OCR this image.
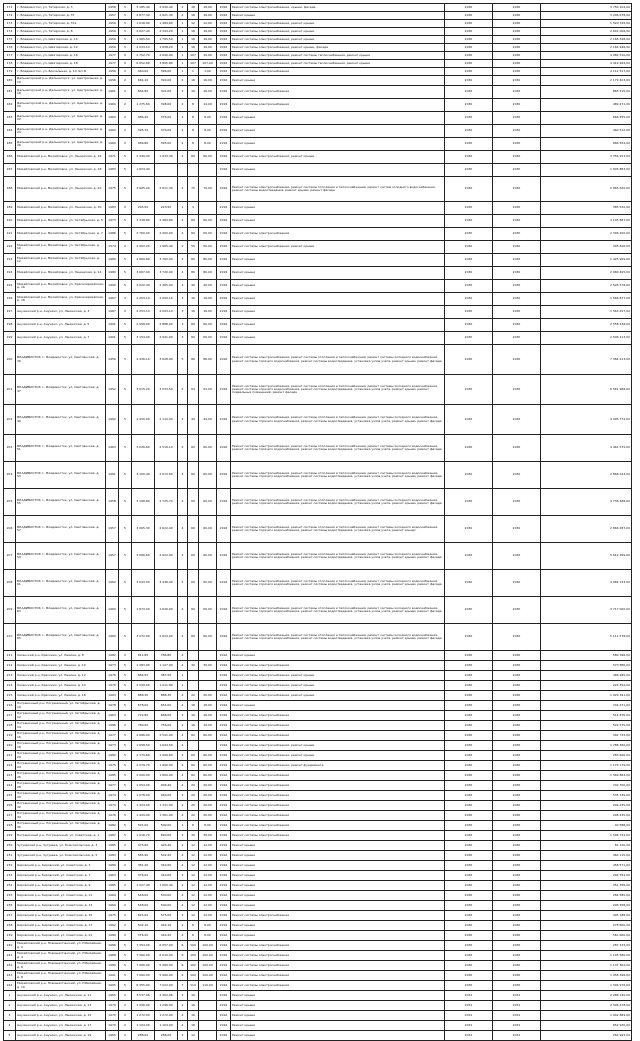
171	г. Владивосток, ул. Татарская, д. 3	1958	5	3 185,40	2 930,40	2	18	18,00	2016	Ремонт системы электроснабжения, крыши, фасада	2030	2030	3 750 102,00
172	г. Владивосток, ул. Татарская, д. 37	1957	5	2 877,30	2 621,30	2	16	16,00	2016	Ремонт крыши	2030	2030	3 206 478,00
173	г. Владивосток, ул. Татарская, д. 37а	1959	5	1 618,90	1 484,60	1	12	12,00	2016	Ремонт системы электроснабжения, ремонт крыши	2030	2030	1 520 745,00
174	г. Владивосток, ул. Татарская, д. 8	1959	5	2 627,40	2 343,20	1	16	16,00	2016	Ремонт системы электроснабжения, ремонт крыши	2030	2030	2 601 006,00
175	г. Владивосток, ул. Шахтерская, д. 14	1959	5	1 965,50	1 765,50	1	16	16,00	2016	Ремонт системы электроснабжения, ремонт крыши	2030	2030	2 168 348,00
176	г. Владивосток, ул. Шахтерская, д. 12	1959	5	2 033,10	1 838,20	1	16	16,00	2016	Ремонт системы электроснабжения, ремонт крыши, фасада	2030	2030	2 164 946,00
177	г. Владивосток, ул. Шахтерская, д. 16	1977	9	2 752,70	2 640,90	1	107	10,00	2016	Ремонт системы электроснабжения, ремонт системы теплоснабжения, ремонт крыши	2030	2030	4 082 510,00
178	г. Владивосток, ул. Шахтерская, д. 18	1977	9	6 052,80	3 895,80	1	107	107,00	2016	Ремонт системы электроснабжения, ремонт системы теплоснабжения, ремонт крыши	2030	2030	4 419 262,00
179	г. Владивосток, ул. Вокзальная, д. 14 лит.Б	1956	2	460,00	396,00	1	1	1,00	2016	Ремонт системы электроснабжения	2030	2030	4 112 517,00
180	Дальнегорский р-н, Дальнегорск, ул. Центральная, д. 10	1956	2	664,10	390,00	2	16	16,00	2016	Ремонт крыши	2030	2030	2 179 403,00
181	Дальнегорский р-н, Дальнегорск, ул. Центральная, д. 18	1961	2	664,80	391,00	2	16	16,00	2016	Ремонт системы электроснабжения	2030	2030	865 515,00
182	Дальнегорский р-н, Дальнегорск, ул. Центральная, д. 20	1960	2	1 275,80	398,00	2	8	14,00	2016	Ремонт системы электроснабжения	2030	2030	489 471,00
183	Дальнегорский р-н, Дальнегорск, ул. Центральная, д. 22	1960	2	486,20	376,00	2	8	8,00	2016	Ремонт крыши	2030	2030	666 555,00
184	Дальнегорский р-н, Дальнегорск, ул. Центральная, д. 24	1960	2	395,70	376,00	2	8	8,00	2016	Ремонт крыши	2030	2030	460 512,00
185	Дальнегорский р-н, Дальнегорск, ул. Центральная, д. 26	1960	2	489,80	395,00	2	8	8,00	2016	Ремонт крыши	2030	2030	666 554,00
186	Михайловский р-н, Михайловка, ул. Ленинская, д. 16	1971	5	2 449,30	1 933,30	4	60	60,00	2016	Ремонт системы электроснабжения, ремонт крыши	2030	2030	3 356 253,00
187	Михайловский р-н, Михайловка, ул. Ленинская, д. 18	1983	5	1 824,40					2016	Ремонт крыши	2030	2030	1 605 883,00
188	Михайловский р-н, Михайловка, ул. Ленинская, д. 20	1975	5	3 665,20	2 811,30	4	70	70,00	2016	Ремонт системы электроснабжения, ремонт системы отопления и теплоснабжения, ремонт систем холодного водоснабжения, ремонт системы водоотведения, ремонт крыши, ремонт фасада	2030	2030	9 865 500,00
189	Михайловский р-н, Михайловка, ул. Ленинская, д. 30	1983	2	295,50	223,50	1	4		2016	Ремонт крыши	2030	2030	385 532,00
190	Михайловский р-н, Михайловка, ул. Октябрьская, д. 5	1973	5	3 318,80	2 484,80	4	60	60,00	2016	Ремонт крыши	2030	2030	4 105 887,00
191	Михайловский р-н, Михайловка, ул. Октябрьская, д. 7	1986	5	2 760,00	2 400,00	4	60	60,00	2016	Ремонт системы электроснабжения	2030	2030	2 396 200,00
192	Михайловский р-н, Михайловка, ул. Октябрьская, д. 10	1974	2	2 602,20	1 965,40	2	50	50,00	2016	Ремонт системы электроснабжения, ремонт крыши	2030	2030	305 816,00
193	Михайловский р-н, Михайловка, ул. Октябрьская, д. 12	1980	5	4 869,80	3 760,00	4	80	80,00	2016	Ремонт крыши	2030	2030	1 425 909,00
194	Михайловский р-н, Михайловка, ул. Ленинская, д. 14	1980	5	3 667,00	3 720,00	4	80	80,00	2016	Ремонт крыши	2030	2030	2 980 405,00
195	Михайловский р-н, Михайловка, ул. Красноармейская, д. 16	1990	5	3 022,40	2 465,00	3	40	40,00	2016	Ремонт крыши	2030	2030	2 526 578,00
196	Михайловский р-н, Михайловка, ул. Красноармейская, д. 18	1967	3	2 253,10	2 093,10	3	16	16,00	2016	Ремонт крыши	2030	2030	1 566 877,00
197	Анучинский р-н, Анучино, ул. Ленинская, д. 3	1967	2	2 253,10	2 093,10	3	16	16,00	2016	Ремонт крыши	2030	2030	1 563 457,00
198	Анучинский р-н, Анучино, ул. Ленинская, д. 5	1991	5	2 958,00	2 888,00	3	60	60,00	2016	Ремонт крыши	2030	2030	2 558 438,00
199	Анучинский р-н, Анучино, ул. Ленинская, д. 7	1991	5	3 154,00	2 941,00	3	60	60,00	2016	Ремонт крыши	2030	2030	2 506 413,00
200	ВЛАДИВОСТОК г., Владивосток, ул. Светланская, д. 30	1956	5	4 436,10	3 628,90	5	86	86,00	2016	Ремонт системы электроснабжения, ремонт системы отопления и теплоснабжения, ремонт системы холодного водоснабжения, ремонт системы горячего водоснабжения, ремонт системы водоотведения, установка узлов учета, ремонт крыши, ремонт фасада	2030	2030	7 384 413,00
201	ВЛАДИВОСТОК г., Владивосток, ул. Светланская, д. 47	1952	5	3 615,20	3 033,50	5	63	63,00	2016	Ремонт системы электроснабжения, ремонт системы отопления и теплоснабжения, ремонт системы холодного водоснабжения, ремонт системы горячего водоснабжения, ремонт системы водоотведения, установка узлов учета, ремонт крыши, ремонт подвальных помещений, ремонт фасада	2030	2030	6 561 988,00
202	ВЛАДИВОСТОК г., Владивосток, ул. Светланская, д. 49	1962	5	2 450,00	2 110,00	4	49	49,00	2016	Ремонт системы электроснабжения, ремонт системы отопления и теплоснабжения, ремонт системы холодного водоснабжения, ремонт системы горячего водоснабжения, ремонт системы водоотведения, установка узлов учета, ремонт крыши, ремонт фасада	2030	2030	4 995 772,00
203	ВЛАДИВОСТОК г., Владивосток, ул. Светланская, д. 51	1963	5	3 026,60	2 516,10	4	60	60,00	2016	Ремонт системы электроснабжения, ремонт системы отопления и теплоснабжения, ремонт системы холодного водоснабжения, ремонт системы горячего водоснабжения, ремонт системы водоотведения, установка узлов учета, ремонт крыши, ремонт фасада	2030	2030	4 461 375,00
204	ВЛАДИВОСТОК г., Владивосток, ул. Светланская, д. 53	1961	5	3 100,40	2 613,60	4	60	60,00	2016	Ремонт системы электроснабжения, ремонт системы отопления и теплоснабжения, ремонт системы холодного водоснабжения, ремонт системы горячего водоснабжения, ремонт системы водоотведения, установка узлов учета, ремонт крыши, ремонт фасада	2030	2030	2 868 243,00
205	ВЛАДИВОСТОК г., Владивосток, ул. Светланская, д. 55	1958	5	3 168,80	2 725,70	4	60	60,00	2016	Ремонт системы электроснабжения, ремонт системы отопления и теплоснабжения, ремонт системы холодного водоснабжения, ремонт системы горячего водоснабжения, ремонт системы водоотведения, установка узлов учета, ремонт крыши, ремонт фасада	2030	2030	4 736 488,00
206	ВЛАДИВОСТОК г., Владивосток, ул. Светланская, д. 57	1957	5	3 065,30	2 622,90	4	60	60,00	2016	Ремонт системы электроснабжения, ремонт системы отопления и теплоснабжения, ремонт системы холодного водоснабжения, ремонт системы горячего водоснабжения, ремонт системы водоотведения, установка узлов учета, ремонт крыши	2030	2030	2 866 287,00
207	ВЛАДИВОСТОК г., Владивосток, ул. Светланская, д. 59	1957	5	3 066,60	2 622,90	4	60	60,00	2016	Ремонт системы электроснабжения, ремонт системы отопления и теплоснабжения, ремонт системы холодного водоснабжения, ремонт системы горячего водоснабжения, ремонт системы водоотведения, установка узлов учета, ремонт крыши, ремонт фасада	2030	2030	5 612 399,00
208	ВЛАДИВОСТОК г., Владивосток, ул. Светланская, д. 61	1962	5	3 643,00	3 446,00	5	60	60,00	2016	Ремонт системы электроснабжения, ремонт системы отопления и теплоснабжения, ремонт системы холодного водоснабжения, ремонт системы горячего водоснабжения, ремонт системы водоотведения, установка узлов учета, ремонт крыши, ремонт фасада	2030	2030	4 082 133,00
209	ВЛАДИВОСТОК г., Владивосток, ул. Светланская, д. 63	1960	5	1 873,00	1 640,00	4	60	60,00	2016	Ремонт системы электроснабжения, ремонт системы отопления и теплоснабжения, ремонт системы холодного водоснабжения, ремонт системы горячего водоснабжения, ремонт системы водоотведения, установка узлов учета, ремонт крыши, ремонт фасада	2030	2030	3 717 000,00
210	ВЛАДИВОСТОК г., Владивосток, ул. Светланская, д. 65	1960	5	3 072,00	2 624,00	4	60	60,00	2016	Ремонт системы электроснабжения, ремонт системы отопления и теплоснабжения, ремонт системы холодного водоснабжения, ремонт системы горячего водоснабжения, ремонт системы водоотведения, установка узлов учета, ремонт крыши, ремонт фасада	2030	2030	5 111 578,00
211	Хасанский р-н, Краскино, ул. Ленина, д. 8	1982	2	811,85	786,80	2			2016	Ремонт крыши	2030	2030	589 398,00
212	Хасанский р-н, Краскино, ул. Ленина, д. 10	1973	5	1 283,90	1 127,90	2	30	30,00	2016	Ремонт системы электроснабжения	2030	2030	573 886,00
213	Хасанский р-н, Краскино, ул. Ленина, д. 12	1976	5	684,50	387,50	1			2016	Ремонт системы электроснабжения, ремонт крыши	2030	2030	486 265,00
214	Хасанский р-н, Краскино, ул. Ленина, д. 14	1976	5	2 049,00	1 911,80	1			2016	Ремонт системы электроснабжения, ремонт крыши	2030	2030	224 394,00
215	Хасанский р-н, Краскино, ул. Ленина, д. 18	1963	5	888,30	888,30	2	20	20,00	2016	Ремонт системы электроснабжения, ремонт крыши	2030	2030	1 929 391,00
216	Пограничный р-н, Пограничный, ул. Октябрьская, д. 10	1978	5	678,00	654,00	2	18	18,00	2016	Ремонт крыши	2030	2030	744 471,00
217	Пограничный р-н, Пограничный, ул. Октябрьская, д. 12	1963	2	722,80	668,00	2	16	16,00	2016	Ремонт системы электроснабжения	2030	2030	514 876,00
218	Пограничный р-н, Пограничный, ул. Октябрьская, д. 14	1986	2	780,00	756,00	2	16	16,00	2016	Ремонт системы электроснабжения	2030	2030	522 575,00
219	Пограничный р-н, Пограничный, ул. Октябрьская, д. 16	1977	5	2 686,00	2 541,00	4	60	60,00	2016	Ремонт системы электроснабжения	2030	2030	392 733,00
220	Пограничный р-н, Пограничный, ул. Октябрьская, д. 18	1973	5	1 658,50	1 644,50	4			2016	Ремонт системы электроснабжения, ремонт крыши	2030	2030	1 788 360,00
221	Пограничный р-н, Пограничный, ул. Октябрьская, д. 20	1982	5	2 179,60	1 999,60	4	60	60,00	2016	Ремонт системы электроснабжения, ремонт крыши	2030	2030	283 606,00
222	Пограничный р-н, Пограничный, ул. Октябрьская, д. 24	1975	5	2 079,70	1 990,00	4	60	60,00	2016	Ремонт системы электроснабжения, ремонт фундамента	2030	2030	1 170 179,00
223	Пограничный р-н, Пограничный, ул. Октябрьская, д. 26	1985	5	2 000,00	1 800,00	4	60	60,00	2016	Ремонт системы электроснабжения	2030	2030	1 569 883,00
224	Пограничный р-н, Пограничный, ул. Октябрьская, д. 28	1977	5	1 054,00	906,40	2	20	20,00	2016	Ремонт системы электроснабжения	2030	2030	702 300,00
225	Пограничный р-н, Пограничный, ул. Октябрьская, д. 30	1974	5	1 078,00	960,00	2	20	20,00	2016	Ремонт системы электроснабжения	2030	2030	535 339,00
226	Пограничный р-н, Пограничный, ул. Октябрьская, д. 32	1974	5	1 424,00	1 311,00	2	20	20,00	2016	Ремонт системы электроснабжения	2030	2030	299 235,00
227	Пограничный р-н, Пограничный, ул. Октябрьская, д. 34	1976	5	1 429,00	1 301,00	2	20	20,00	2016	Ремонт системы электроснабжения	2030	2030	298 435,00
228	Пограничный р-н, Пограничный, ул. Октябрьская, д. 36	1982	5	591,00	509,00	1	8	8,00	2016	Ремонт системы электроснабжения	2030	2030	40 588,00
229	Пограничный р-н, Пограничный, ул. Советская, д. 1	1987	5	1 016,70	890,00	2	30	30,00	2016	Ремонт системы электроснабжения	2030	2030	1 596 722,00
230	Чугуевский р-н, Чугуевка, ул. Комсомольская, д. 3	1985	2	475,60	426,40	2	12	12,00	2016	Ремонт крыши	2030	2030	81 120,00
231	Чугуевский р-н, Чугуевка, ул. Комсомольская, д. 5	1983	2	585,90	502,20	2	12	12,00	2016	Ремонт крыши	2030	2030	464 115,00
232	Кировский р-н, Кировский, ул. Советская, д. 3	1980	2	381,40	342,60	2	12	12,00	2016	Ремонт крыши	2030	2030	458 571,00
233	Кировский р-н, Кировский, ул. Советская, д. 7	1963	2	376,00	340,00	2	12	12,00	2016	Ремонт крыши	2030	2030	244 554,00
234	Кировский р-н, Кировский, ул. Советская, д. 9	1985	2	1 027,40	1 000,40	2	12	12,00	2016	Ремонт крыши	2030	2030	351 358,00
235	Кировский р-н, Кировский, ул. Советская, д. 11	1969	2	548,00	500,00	2	12	12,00	2016	Ремонт крыши	2030	2030	284 585,00
236	Кировский р-н, Кировский, ул. Советская, д. 13	1969	2	548,00	500,00	2	12	12,00	2016	Ремонт крыши	2030	2030	296 558,00
237	Кировский р-н, Кировский, ул. Советская, д. 15	1975	2	624,00	575,00	2	12	12,00	2016	Ремонт системы электроснабжения	2030	2030	405 188,00
238	Кировский р-н, Кировский, ул. Советская, д. 17	1962	2	502,10	442,10	2	8	8,00	2016	Ремонт крыши	2030	2030	278 600,00
239	Кировский р-н, Кировский, ул. Советская, д. 21	1980	2	376,20	342,20	2	8	8,00	2016	Ремонт крыши	2030	2030	561 600,00
240	Михайловский р-н, Новошахтинский, ул. Юбилейная, д. 2	1986	5	7 454,00	6 057,00	6	100	100,00	2016	Ремонт системы электроснабжения	2030	2030	287 433,00
241	Михайловский р-н, Новошахтинский, ул. Юбилейная, д. 4	1988	5	7 360,00	6 010,00	6	100	100,00	2016	Ремонт системы электроснабжения	2030	2030	1 105 580,00
242	Михайловский р-н, Новошахтинский, ул. Юбилейная, д. 6	1989	5	7 066,00	5 960,00	6	100	100,00	2016	Ремонт системы электроснабжения	2030	2030	1 137 362,00
243	Михайловский р-н, Новошахтинский, ул. Юбилейная, д. 8	1991	5	7 060,00	5 960,00	6	100	100,00	2016	Ремонт системы электроснабжения	2030	2030	1 058 396,00
244	Михайловский р-н, Новошахтинский, ул. Юбилейная, д. 10	1995	5	8 355,00	7 022,00	7	110	110,00	2016	Ремонт системы электроснабжения	2030	2030	1 594 976,00
1	Анучинский р-н, Анучино, ул. Ленинская, д. 11	1965	2	3 537,06	2 302,06	2	16		2016	Ремонт крыши	2031	2031	2 288 140,00
2	Анучинский р-н, Анучино, ул. Ленинская, д. 13	1970	2	1 296,00	1 296,00	2	16		2016	Ремонт крыши	2031	2031	2 396 478,00
3	Анучинский р-н, Анучино, ул. Ленинская, д. 15	1970	2	1 272,00	1 272,00	2	16		2016	Ремонт крыши	2031	2031	1 942 889,00
4	Анучинский р-н, Анучино, ул. Ленинская, д. 17	1970	2	1 104,00	1 104,00	2	16		2016	Ремонт крыши	2031	2031	652 930,00
5	Анучинский р-н, Анучино, ул. Ленинская, д. 19	1965	2	288,00	286,00	2	12		2016	Ремонт крыши	2031	2031	262 993,00
